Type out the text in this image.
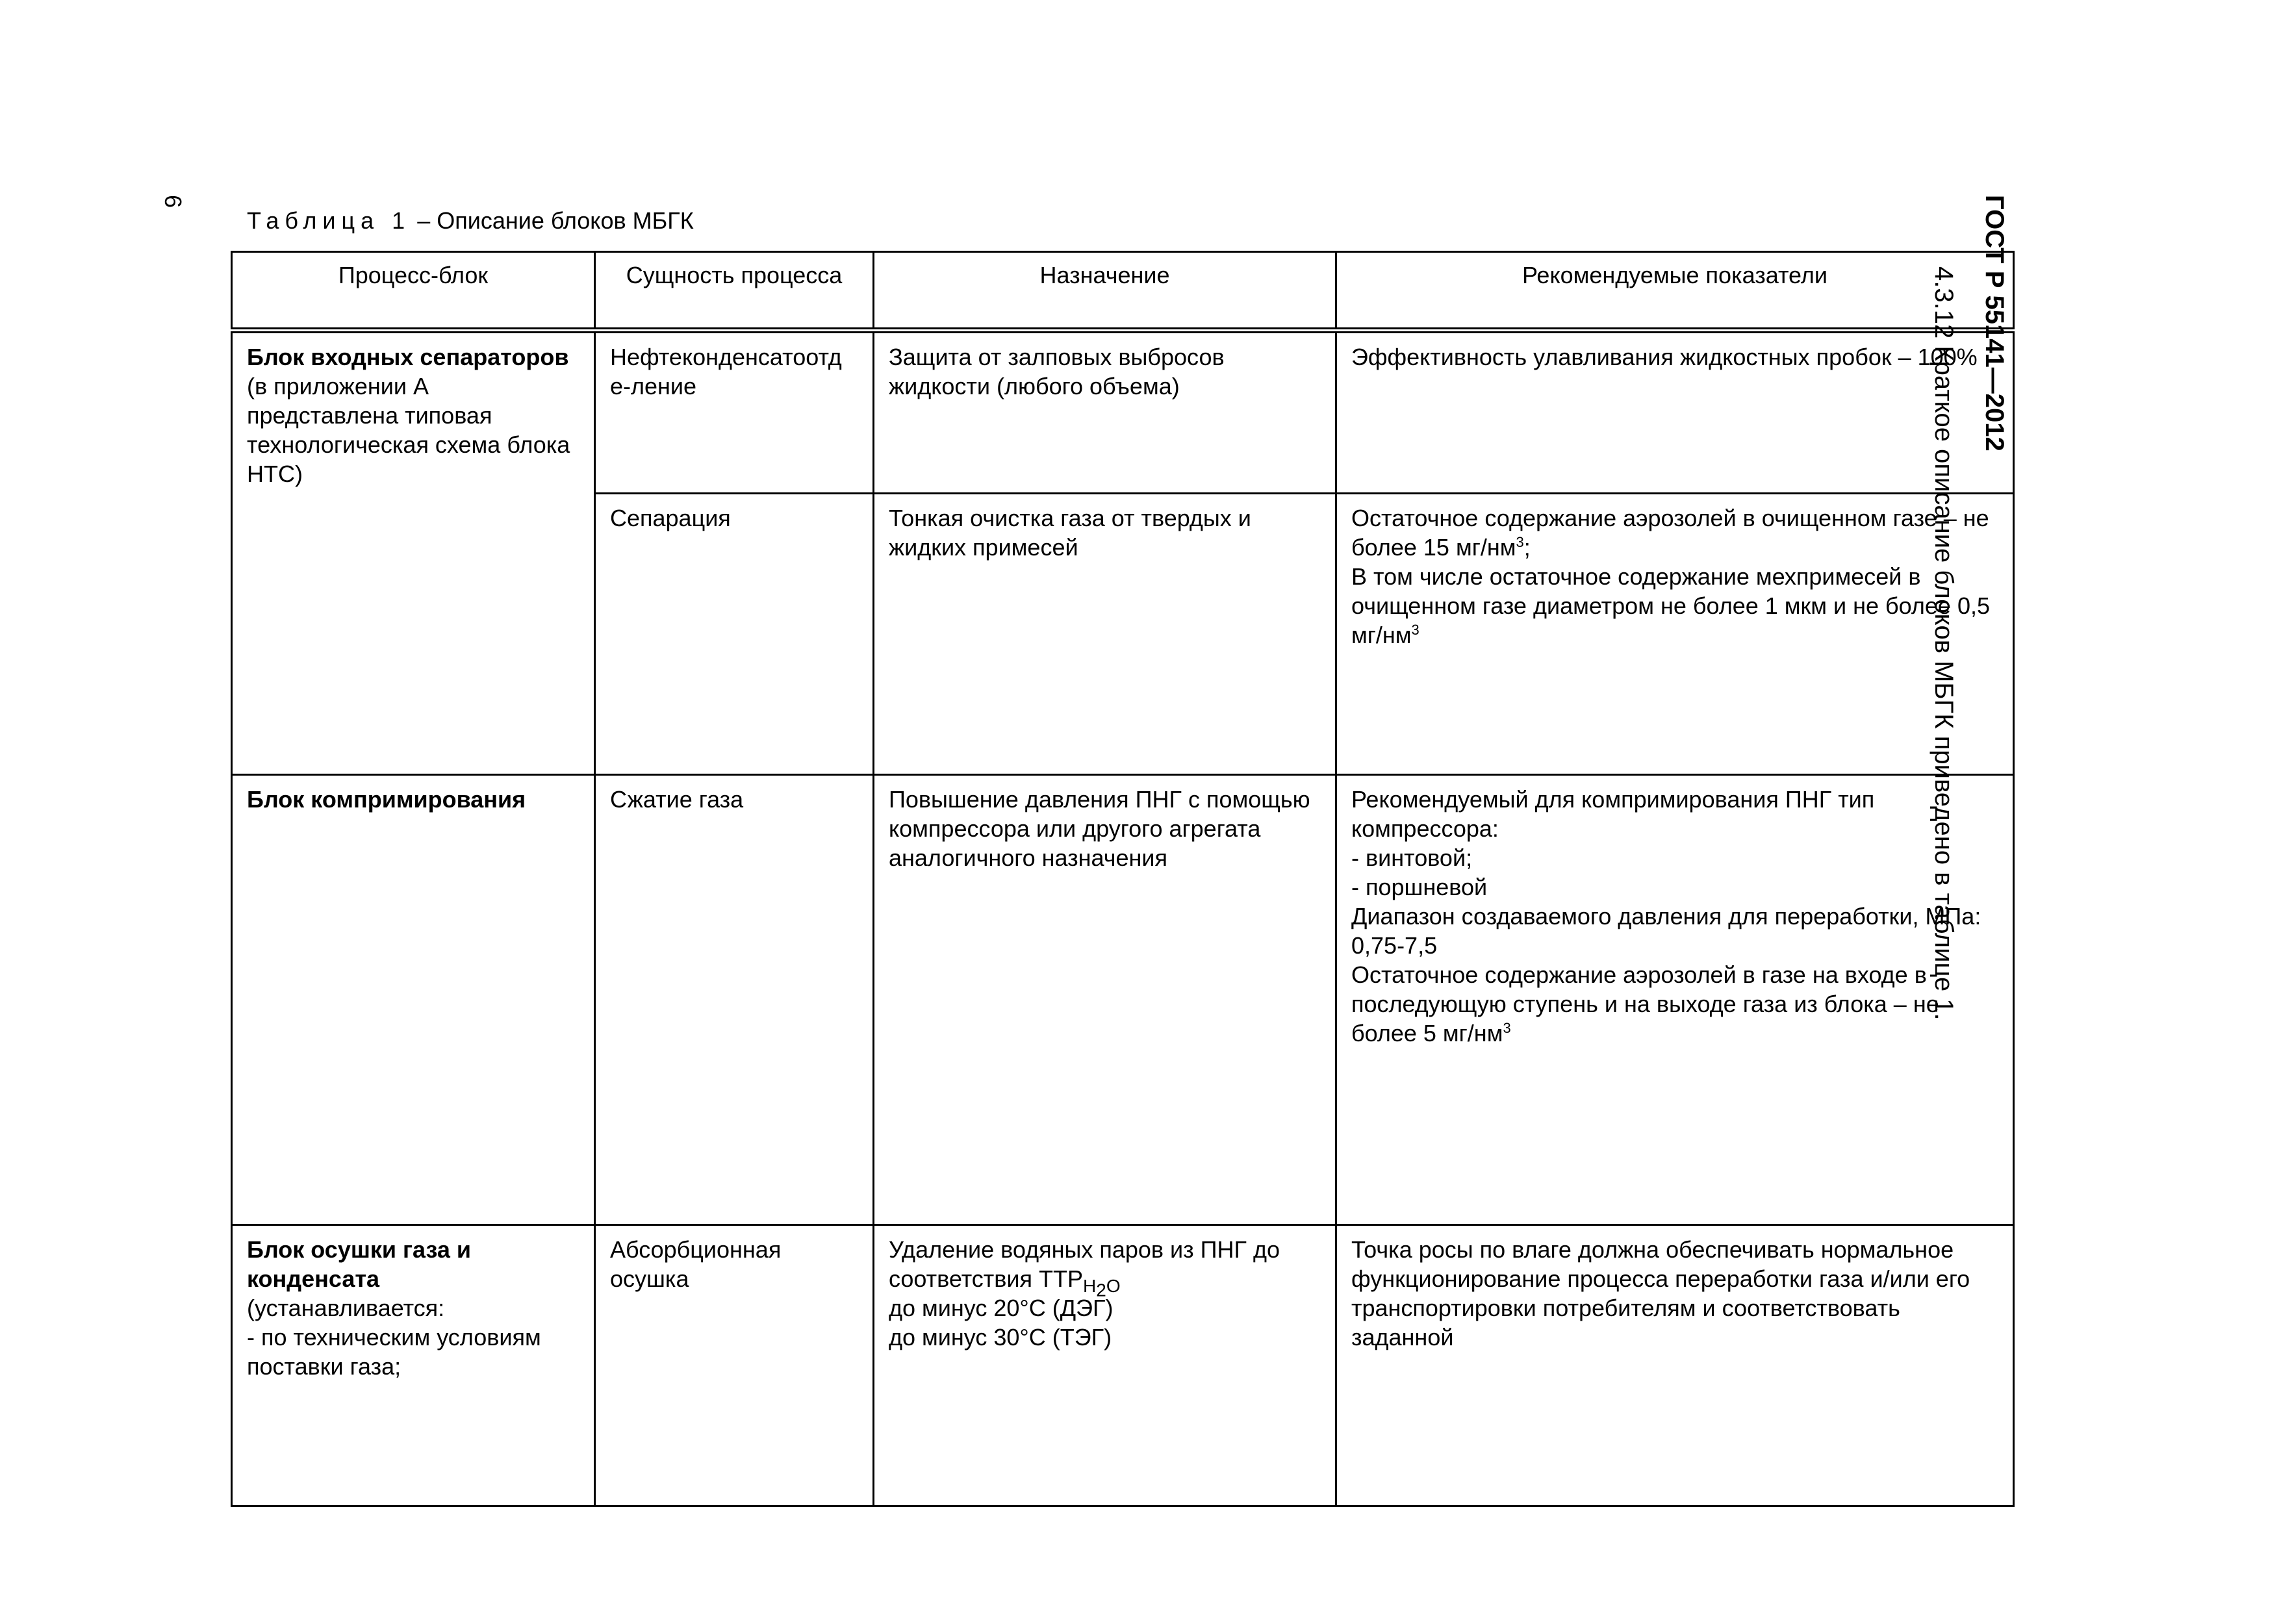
6	ГОСТ Р 55141—2012
4.3.12 Краткое описание блоков МБГК приведено в таблице 1.
Таблица 1 – Описание блоков МБГК
Процесс-блок	Сущность процесса	Назначение	Рекомендуемые показатели

Блок входных сепараторов
(в приложении А представлена типовая технологическая схема блока НТС)	Нефтеконденсатоотд е-ление	Защита от залповых выбросов жидкости (любого объема)	Эффективность улавливания жидкостных пробок – 100%
	Сепарация	Тонкая очистка газа от твердых и жидких примесей	Остаточное содержание аэрозолей в очищенном газе – не более 15 $мг/нм^3$;
В том числе остаточное содержание мехпримесей в очищенном газе диаметром не более 1 мкм и не более 0,5 $мг/нм^3$

Блок компримирования	Сжатие газа	Повышение давления ПНГ с помощью компрессора или другого агрегата аналогичного назначения	Рекомендуемый для компримирования ПНГ тип компрессора:
- винтовой;
- поршневой
Диапазон создаваемого давления для переработки, МПа: 0,75-7,5
Остаточное содержание аэрозолей в газе на входе в последующую ступень и на выходе газа из блока – не более 5 $мг/нм^3$

Блок осушки газа и конденсата
(устанавливается:
- по техническим условиям поставки газа;	Абсорбционная осушка	Удаление водяных паров из ПНГ до соответствия $ТТР_{Н_2О}$
до минус 20°С (ДЭГ)
до минус 30°С (ТЭГ)	Точка росы по влаге должна обеспечивать нормальное функционирование процесса переработки газа и/или его транспортировки потребителям и соответствовать заданной
